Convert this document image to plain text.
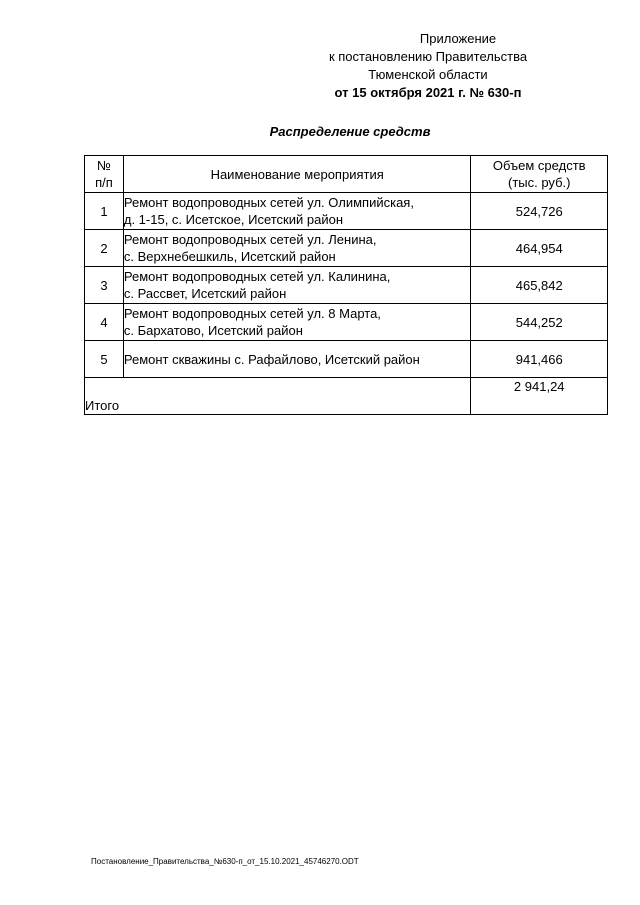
Приложение
к постановлению Правительства
Тюменской области
от 15 октября 2021 г. № 630-п
Распределение средств
№
п/п	Наименование мероприятия	Объем средств
(тыс. руб.)
1	Ремонт водопроводных сетей ул. Олимпийская,
д. 1-15, с. Исетское, Исетский район	524,726
2	Ремонт водопроводных сетей ул. Ленина,
с. Верхнебешкиль, Исетский район	464,954
3	Ремонт водопроводных сетей ул. Калинина,
с. Рассвет, Исетский район	465,842
4	Ремонт водопроводных сетей ул. 8 Марта,
с. Бархатово, Исетский район	544,252
5	Ремонт скважины с. Рафайлово, Исетский район	941,466
Итого		2 941,24
Постановление_Правительства_№630-п_от_15.10.2021_45746270.ODT
